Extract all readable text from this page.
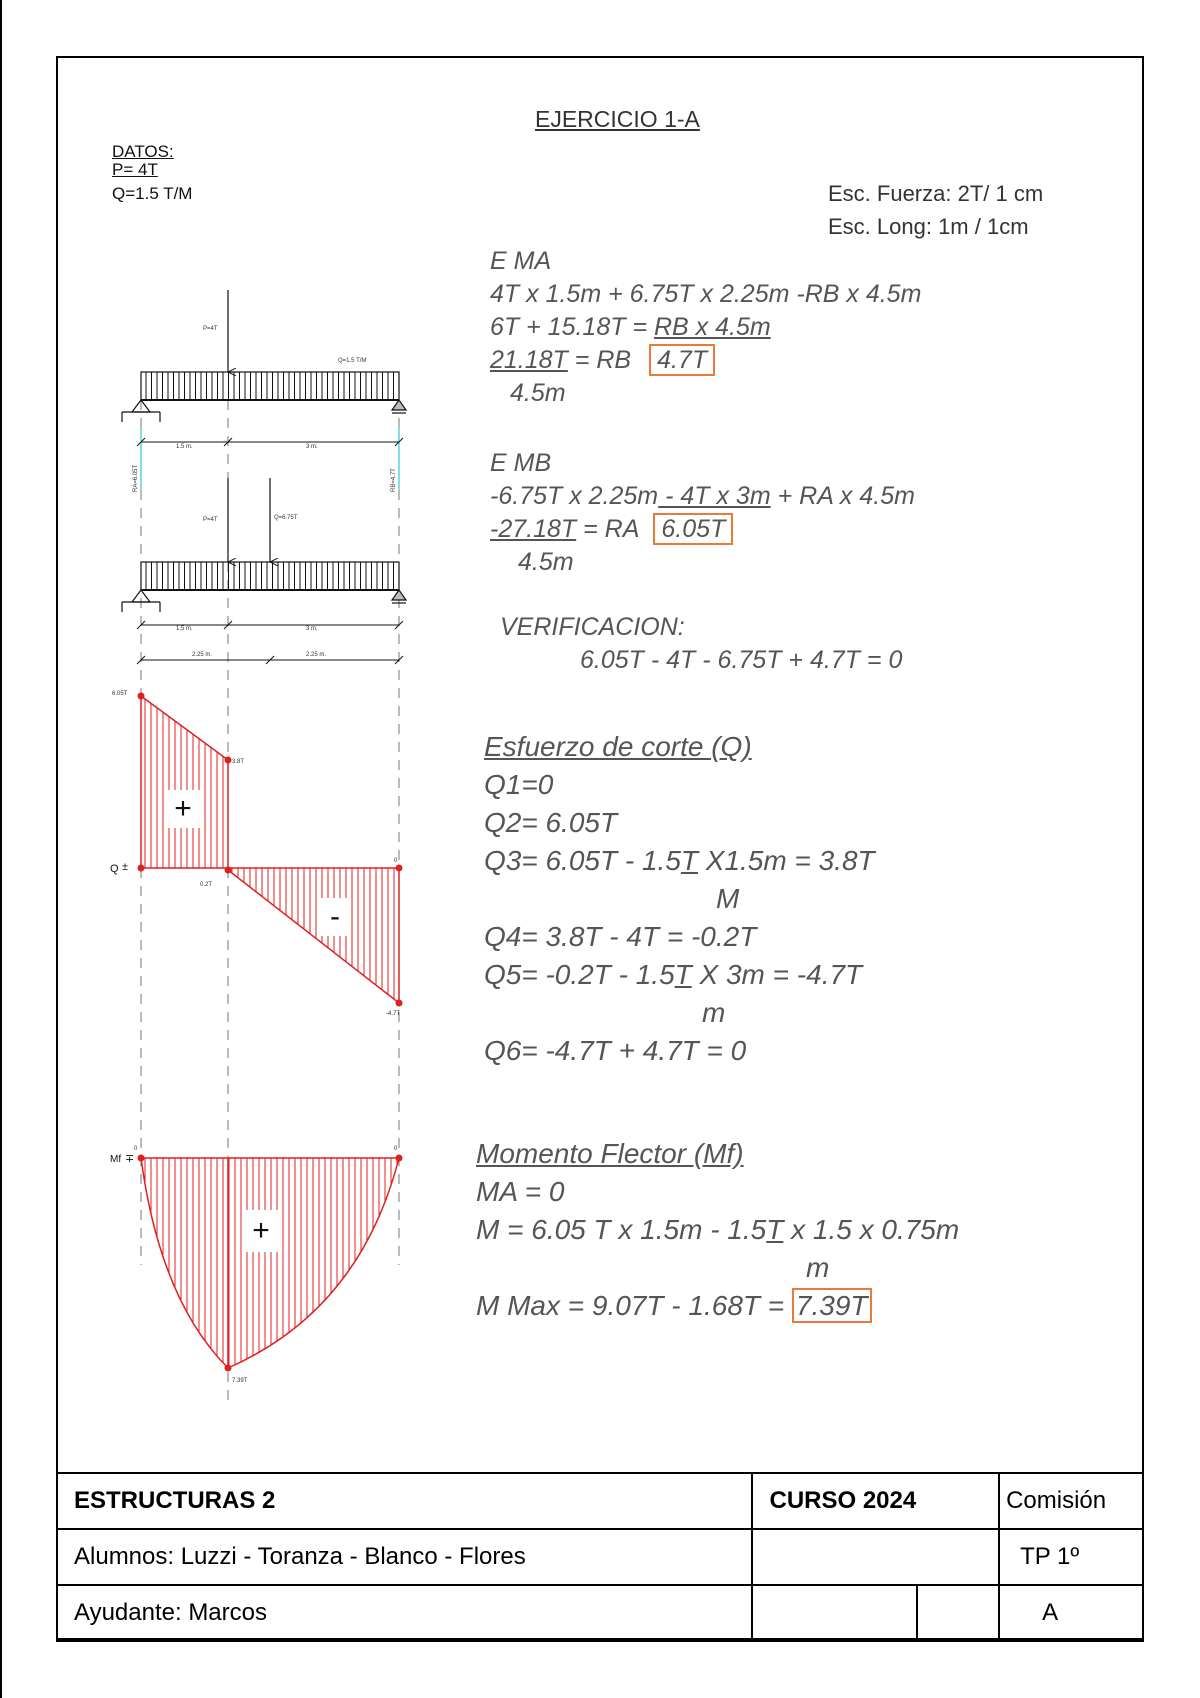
EJERCICIO 1-A
DATOS:
P= 4T
Q=1.5 T/M	Esc. Fuerza: 2T/ 1 cm
Esc. Long: 1m / 1cm
E MA
4T x 1.5m + 6.75T x 2.25m -RB x 4.5m
6T + 15.18T = RB x 4.5m
21.18T = RB 4.7T
4.5m
E MB
-6.75T x 2.25m - 4T x 3m + RA x 4.5m
-27.18T = RA 6.05T
4.5m
VERIFICACION:
6.05T - 4T - 6.75T + 4.7T = 0
Esfuerzo de corte (Q)
Q1=0
Q2= 6.05T
Q3= 6.05T - 1.5T X1.5m = 3.8T
M
Q4= 3.8T - 4T = -0.2T
Q5= -0.2T - 1.5T X 3m = -4.7T
m
Q6= -4.7T + 4.7T = 0
Momento Flector (Mf)
MA = 0
M = 6.05 T x 1.5m - 1.5T x 1.5 x 0.75m
m
M Max = 9.07T - 1.68T = 7.39T
P=4T
Q=1.5 T/M
RA=6.05T	RB=4.7T
1.5 m.	3 m.
P=4T	Q=6.75T
1.5 m.	3 m.
2.25 m.	2.25 m.
6.05T
3.8T
0.2T
0
-4.7T
Q ±
+
-
0	0
7.39T
Mf ∓
+
ESTRUCTURAS 2	CURSO 2024		Comisión
Alumnos: Luzzi - Toranza - Blanco - Flores			TP 1º
Ayudante: Marcos			A
